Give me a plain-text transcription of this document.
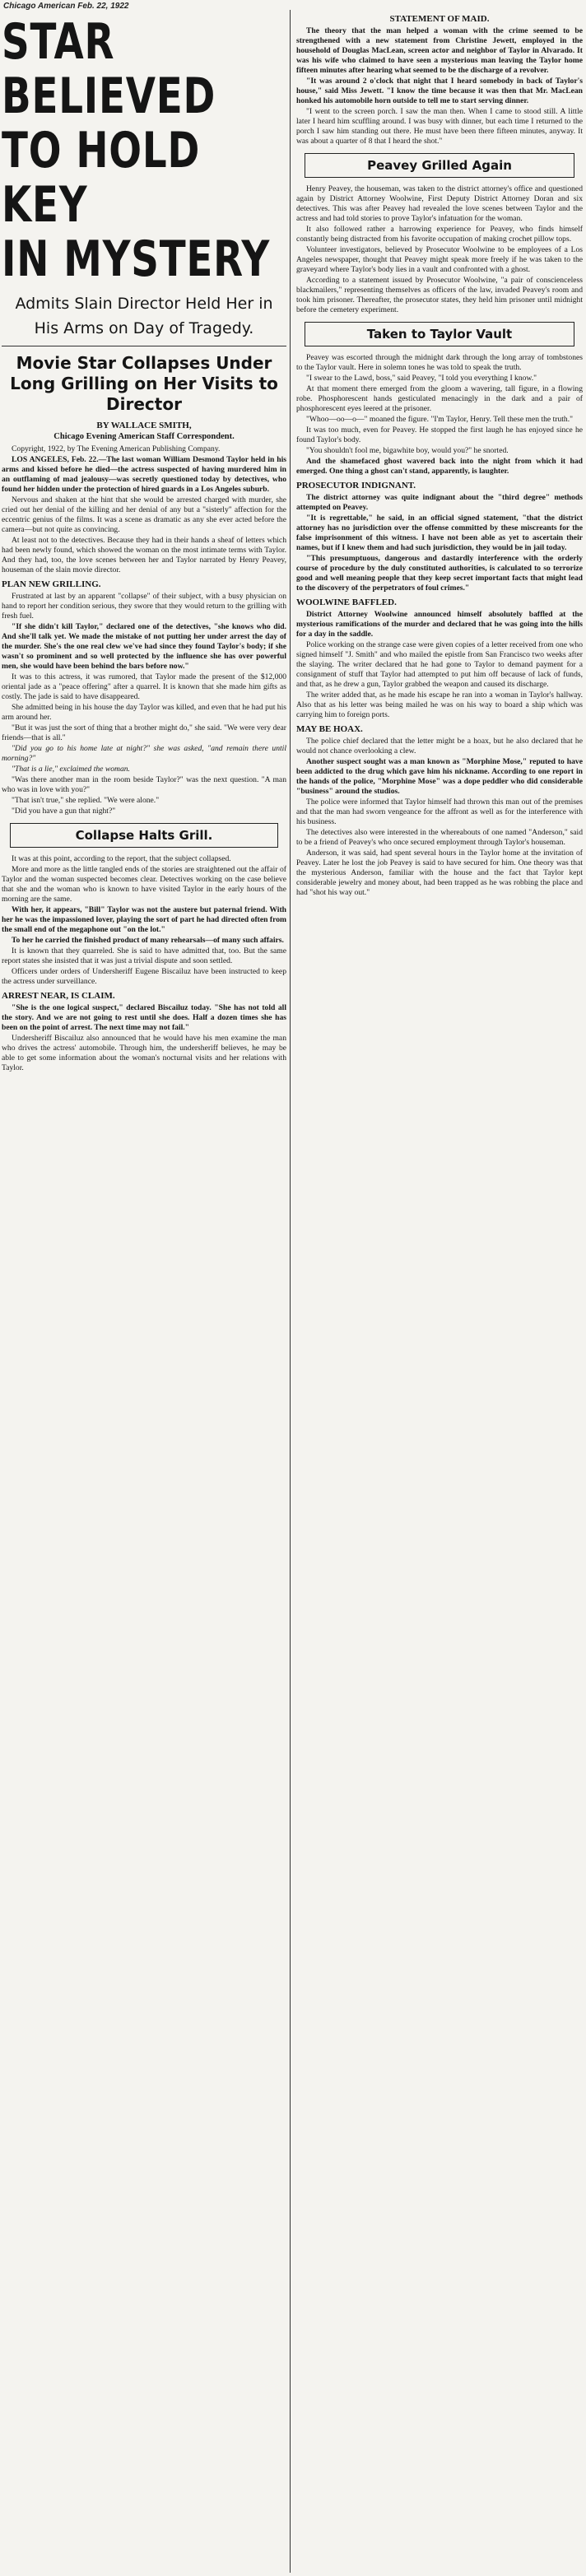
Chicago American Feb. 22, 1922
STAR BELIEVED
TO HOLD KEY
IN MYSTERY
Admits Slain Director Held Her in His Arms on Day of Tragedy.
Movie Star Collapses Under Long Grilling on Her Visits to Director
BY WALLACE SMITH,
Chicago Evening American Staff Correspondent.

Copyright, 1922, by The Evening American Publishing Company.

LOS ANGELES, Feb. 22.—The last woman William Desmond Taylor held in his arms and kissed before he died—the actress suspected of having murdered him in an outflaming of mad jealousy—was secretly questioned today by detectives, who found her hidden under the protection of hired guards in a Los Angeles suburb.

Nervous and shaken at the hint that she would be arrested charged with murder, she cried out her denial of the killing and her denial of any but a "sisterly" affection for the eccentric genius of the films. It was a scene as dramatic as any she ever acted before the camera—but not quite as convincing.

At least not to the detectives. Because they had in their hands a sheaf of letters which had been newly found, which showed the woman on the most intimate terms with Taylor. And they had, too, the love scenes between her and Taylor narrated by Henry Peavey, houseman of the slain movie director.

PLAN NEW GRILLING.

Frustrated at last by an apparent "collapse" of their subject, with a busy physician on hand to report her condition serious, they swore that they would return to the grilling with fresh fuel.

"If she didn't kill Taylor," declared one of the detectives, "she knows who did. And she'll talk yet. We made the mistake of not putting her under arrest the day of the murder. She's the one real clew we've had since they found Taylor's body; if she wasn't so prominent and so well protected by the influence she has over powerful men, she would have been behind the bars before now."

It was to this actress, it was rumored, that Taylor made the present of the $12,000 oriental jade as a "peace offering" after a quarrel. It is known that she made him gifts as costly. The jade is said to have disappeared.

She admitted being in his house the day Taylor was killed, and even that he had put his arm around her.

"But it was just the sort of thing that a brother might do," she said. "We were very dear friends—that is all."

"Did you go to his home late at night?" she was asked, "and remain there until morning?"

"That is a lie," exclaimed the woman.

"Was there another man in the room beside Taylor?" was the next question. "A man who was in love with you?"

"That isn't true," she replied. "We were alone."

"Did you have a gun that night?"

Collapse Halts Grill.

It was at this point, according to the report, that the subject collapsed.

More and more as the little tangled ends of the stories are straightened out the affair of Taylor and the woman suspected becomes clear. Detectives working on the case believe that she and the woman who is known to have visited Taylor in the early hours of the morning are the same.

With her, it appears, "Bill" Taylor was not the austere but paternal friend. With her he was the impassioned lover, playing the sort of part he had directed often from the small end of the megaphone out "on the lot."

To her he carried the finished product of many rehearsals—of many such affairs.

It is known that they quarreled. She is said to have admitted that, too. But the same report states she insisted that it was just a trivial dispute and soon settled.

Officers under orders of Undersheriff Eugene Biscailuz have been instructed to keep the actress under surveillance.

ARREST NEAR, IS CLAIM.

"She is the one logical suspect," declared Biscailuz today. "She has not told all the story. And we are not going to rest until she does. Half a dozen times she has been on the point of arrest. The next time may not fail."

Undersheriff Biscailuz also announced that he would have his men examine the man who drives the actress' automobile. Through him, the undersheriff believes, he may be able to get some information about the woman's nocturnal visits and her relations with Taylor.

STATEMENT OF MAID.

The theory that the man helped a woman with the crime seemed to be strengthened with a new statement from Christine Jewett, employed in the household of Douglas MacLean, screen actor and neighbor of Taylor in Alvarado. It was his wife who claimed to have seen a mysterious man leaving the Taylor home fifteen minutes after hearing what seemed to be the discharge of a revolver.

"It was around 2 o'clock that night that I heard somebody in back of Taylor's house," said Miss Jewett. "I know the time because it was then that Mr. MacLean honked his automobile horn outside to tell me to start serving dinner.

"I went to the screen porch. I saw the man then. When I came to stood still. A little later I heard him scuffling around. I was busy with dinner, but each time I returned to the porch I saw him standing out there. He must have been there fifteen minutes, anyway. It was about a quarter of 8 that I heard the shot."

Peavey Grilled Again

Henry Peavey, the houseman, was taken to the district attorney's office and questioned again by District Attorney Woolwine, First Deputy District Attorney Doran and six detectives. This was after Peavey had revealed the love scenes between Taylor and the actress and had told stories to prove Taylor's infatuation for the woman.

It also followed rather a harrowing experience for Peavey, who finds himself constantly being distracted from his favorite occupation of making crochet pillow tops.

Volunteer investigators, believed by Prosecutor Woolwine to be employees of a Los Angeles newspaper, thought that Peavey might speak more freely if he was taken to the graveyard where Taylor's body lies in a vault and confronted with a ghost.

According to a statement issued by Prosecutor Woolwine, "a pair of conscienceless blackmailers," representing themselves as officers of the law, invaded Peavey's room and took him prisoner. Thereafter, the prosecutor states, they held him prisoner until midnight before the cemetery experiment.

Taken to Taylor Vault

Peavey was escorted through the midnight dark through the long array of tombstones to the Taylor vault. Here in solemn tones he was told to speak the truth.

"I swear to the Lawd, boss," said Peavey, "I told you everything I know."

At that moment there emerged from the gloom a wavering, tall figure, in a flowing robe. Phosphorescent hands gesticulated menacingly in the dark and a pair of phosphorescent eyes leered at the prisoner.

"Whoo—oo—o—" moaned the figure. "I'm Taylor, Henry. Tell these men the truth."

It was too much, even for Peavey. He stopped the first laugh he has enjoyed since he found Taylor's body.

"You shouldn't fool me, bigawhite boy, would you?" he snorted.

And the shamefaced ghost wavered back into the night from which it had emerged. One thing a ghost can't stand, apparently, is laughter.

PROSECUTOR INDIGNANT.

The district attorney was quite indignant about the "third degree" methods attempted on Peavey.

"It is regrettable," he said, in an official signed statement, "that the district attorney has no jurisdiction over the offense committed by these miscreants for the false imprisonment of this witness. I have not been able as yet to ascertain their names, but if I knew them and had such jurisdiction, they would be in jail today.

"This presumptuous, dangerous and dastardly interference with the orderly course of procedure by the duly constituted authorities, is calculated to so terrorize good and well meaning people that they keep secret important facts that might lead to the discovery of the perpetrators of foul crimes."

WOOLWINE BAFFLED.

District Attorney Woolwine announced himself absolutely baffled at the mysterious ramifications of the murder and declared that he was going into the hills for a day in the saddle.

Police working on the strange case were given copies of a letter received from one who signed himself "J. Smith" and who mailed the epistle from San Francisco two weeks after the slaying. The writer declared that he had gone to Taylor to demand payment for a consignment of stuff that Taylor had attempted to put him off because of lack of funds, and that, as he drew a gun, Taylor grabbed the weapon and caused its discharge.

The writer added that, as he made his escape he ran into a woman in Taylor's hallway. Also that as his letter was being mailed he was on his way to board a ship which was carrying him to foreign ports.

MAY BE HOAX.

The police chief declared that the letter might be a hoax, but he also declared that he would not chance overlooking a clew.

Another suspect sought was a man known as "Morphine Mose," reputed to have been addicted to the drug which gave him his nickname. According to one report in the hands of the police, "Morphine Mose" was a dope peddler who did considerable "business" around the studios.

The police were informed that Taylor himself had thrown this man out of the premises and that the man had sworn vengeance for the affront as well as for the interference with his business.

The detectives also were interested in the whereabouts of one named "Anderson," said to be a friend of Peavey's who once secured employment through Taylor's houseman.

Anderson, it was said, had spent several hours in the Taylor home at the invitation of Peavey. Later he lost the job Peavey is said to have secured for him. One theory was that the mysterious Anderson, familiar with the house and the fact that Taylor kept considerable jewelry and money about, had been trapped as he was robbing the place and had "shot his way out."
